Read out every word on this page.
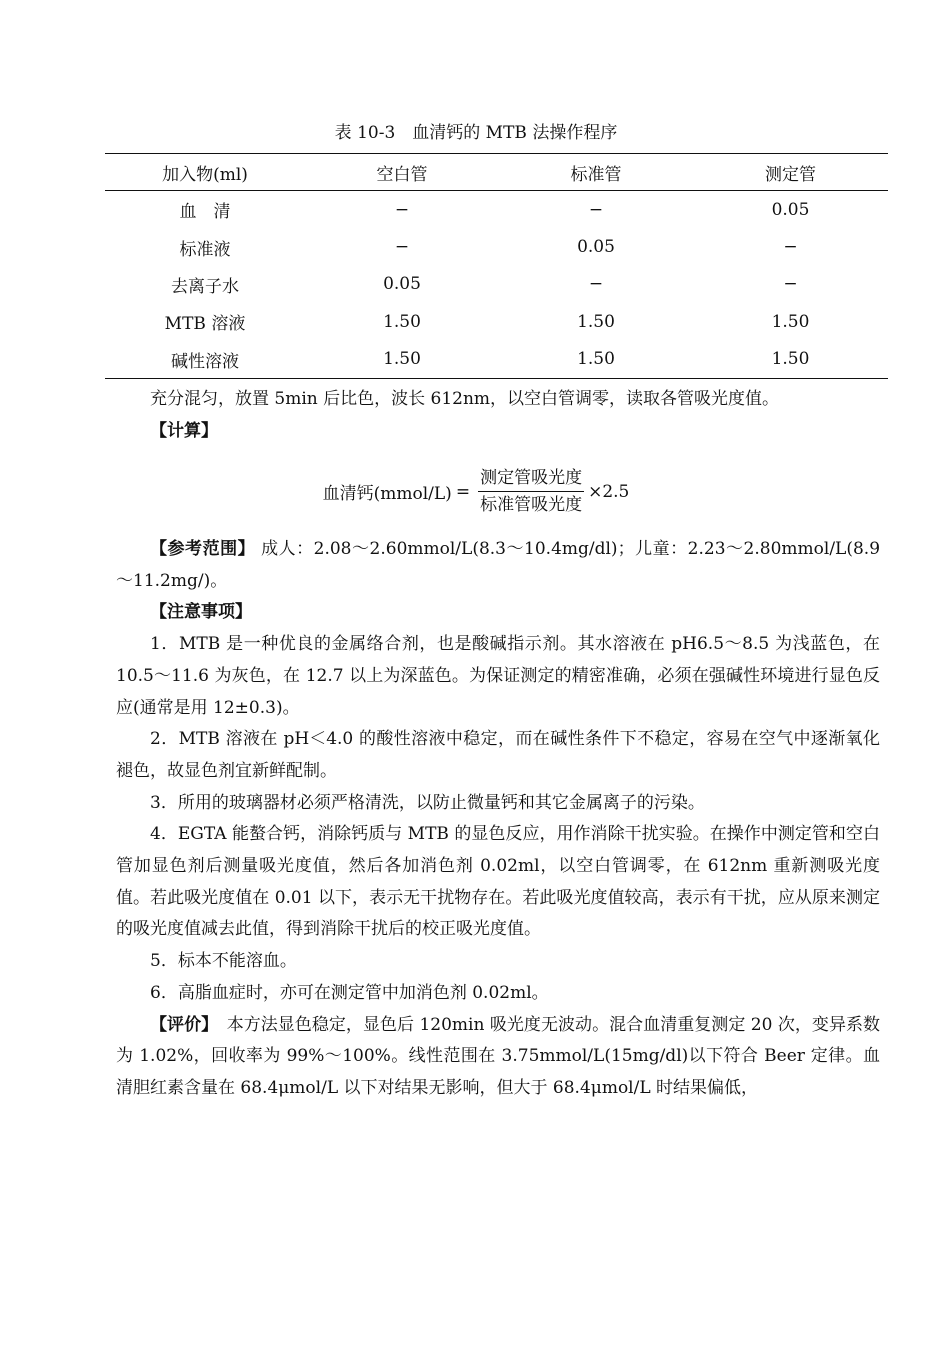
表 10-3　血清钙的 MTB 法操作程序
加入物(ml)	空白管	标准管	测定管
血　清	−	−	0.05
标准液	−	0.05	−
去离子水	0.05	−	−
MTB 溶液	1.50	1.50	1.50
碱性溶液	1.50	1.50	1.50

充分混匀，放置 5min 后比色，波长 612nm，以空白管调零，读取各管吸光度值。

【计算】

血清钙(mmol/L) = $\frac{\text{测定管吸光度}}{\text{标准管吸光度}} \times 2.5$

【参考范围】 成人：2.08～2.60mmol/L(8.3～10.4mg/dl)；儿童：2.23～2.80mmol/L(8.9～11.2mg/)。

【注意事项】

1．MTB 是一种优良的金属络合剂，也是酸碱指示剂。其水溶液在 pH6.5～8.5 为浅蓝色，在 10.5～11.6 为灰色，在 12.7 以上为深蓝色。为保证测定的精密准确，必须在强碱性环境进行显色反应(通常是用 12±0.3)。

2．MTB 溶液在 pH＜4.0 的酸性溶液中稳定，而在碱性条件下不稳定，容易在空气中逐渐氧化褪色，故显色剂宜新鲜配制。

3．所用的玻璃器材必须严格清洗，以防止微量钙和其它金属离子的污染。

4．EGTA 能螯合钙，消除钙质与 MTB 的显色反应，用作消除干扰实验。在操作中测定管和空白管加显色剂后测量吸光度值，然后各加消色剂 0.02ml，以空白管调零，在 612nm 重新测吸光度值。若此吸光度值在 0.01 以下，表示无干扰物存在。若此吸光度值较高，表示有干扰，应从原来测定的吸光度值减去此值，得到消除干扰后的校正吸光度值。

5．标本不能溶血。

6．高脂血症时，亦可在测定管中加消色剂 0.02ml。

【评价】　 本方法显色稳定，显色后 120min 吸光度无波动。混合血清重复测定 20 次，变异系数为 1.02%，回收率为 99%～100%。线性范围在 3.75mmol/L(15mg/dl)以下符合 Beer 定律。血清胆红素含量在 68.4μmol/L 以下对结果无影响，但大于 68.4μmol/L 时结果偏低，
